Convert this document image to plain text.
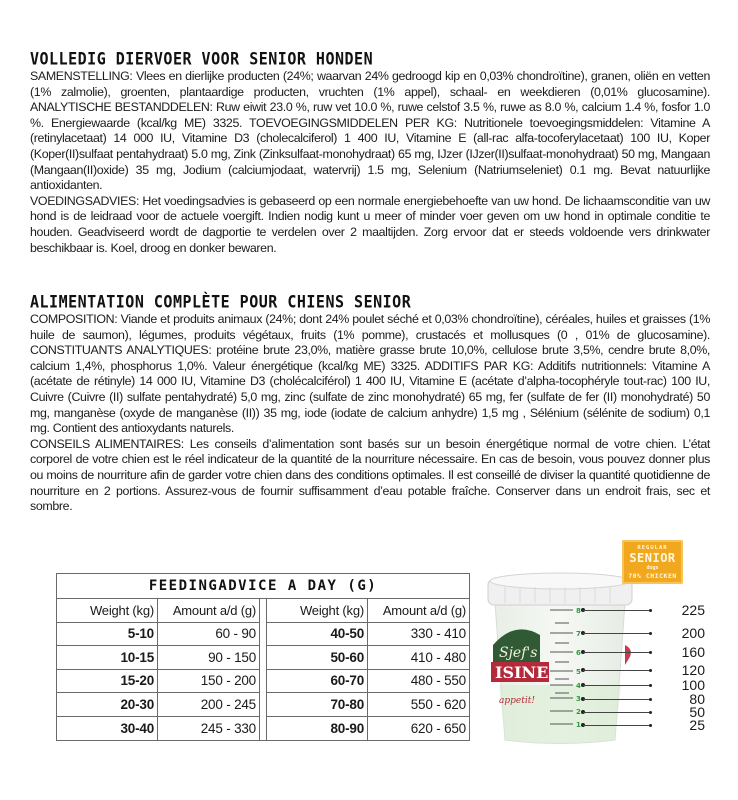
VOLLEDIG DIERVOER VOOR SENIOR HONDEN

SAMENSTELLING: Vlees en dierlijke producten (24%; waarvan 24% gedroogd kip en 0,03% chondroïtine), granen, oliën en vetten (1% zalmolie), groenten, plantaardige producten, vruchten (1% appel), schaal- en weekdieren (0,01% glucosamine). ANALYTISCHE BESTANDDELEN: Ruw eiwit 23.0 %, ruw vet 10.0 %, ruwe celstof 3.5 %, ruwe as 8.0 %, calcium 1.4 %, fosfor 1.0 %. Energiewaarde (kcal/kg ME) 3325. TOEVOEGINGSMIDDELEN PER KG: Nutritionele toevoegingsmiddelen: Vitamine A (retinylacetaat) 14 000 IU, Vitamine D3 (cholecalciferol) 1 400 IU, Vitamine E (all-rac alfa-tocoferylacetaat) 100 IU, Koper (Koper(II)sulfaat pentahydraat) 5.0 mg, Zink (Zinksulfaat-monohydraat) 65 mg, IJzer (IJzer(II)sulfaat-monohydraat) 50 mg, Mangaan (Mangaan(II)oxide) 35 mg, Jodium (calciumjodaat, watervrij) 1.5 mg, Selenium (Natriumseleniet) 0.1 mg. Bevat natuurlijke antioxidanten.

VOEDINGSADVIES: Het voedingsadvies is gebaseerd op een normale energiebehoefte van uw hond. De lichaamsconditie van uw hond is de leidraad voor de actuele voergift. Indien nodig kunt u meer of minder voer geven om uw hond in optimale conditie te houden. Geadviseerd wordt de dagportie te verdelen over 2 maaltijden. Zorg ervoor dat er steeds voldoende vers drinkwater beschikbaar is. Koel, droog en donker bewaren.

ALIMENTATION COMPLÈTE POUR CHIENS SENIOR

COMPOSITION: Viande et produits animaux (24%; dont 24% poulet séché et 0,03% chondroïtine), céréales, huiles et graisses (1% huile de saumon), légumes, produits végétaux, fruits (1% pomme), crustacés et mollusques (0 , 01% de glucosamine). CONSTITUANTS ANALYTIQUES: protéine brute 23,0%, matière grasse brute 10,0%, cellulose brute 3,5%, cendre brute 8,0%, calcium 1,4%, phosphorus 1,0%. Valeur énergétique (kcal/kg ME) 3325. ADDITIFS PAR KG: Additifs nutritionnels: Vitamine A (acétate de rétinyle) 14 000 IU, Vitamine D3 (cholécalciférol) 1 400 IU, Vitamine E (acétate d’alpha-tocophéryle tout-rac) 100 IU, Cuivre (Cuivre (II) sulfate pentahydraté) 5,0 mg, zinc (sulfate de zinc monohydraté) 65 mg, fer (sulfate de fer (II) monohydraté) 50 mg, manganèse (oxyde de manganèse (II)) 35 mg, iode (iodate de calcium anhydre) 1,5 mg , Sélénium (sélénite de sodium) 0,1 mg. Contient des antioxydants naturels.

CONSEILS ALIMENTAIRES: Les conseils d’alimentation sont basés sur un besoin énergétique normal de votre chien. L’état corporel de votre chien est le réel indicateur de la quantité de la nourriture nécessaire. En cas de besoin, vous pouvez donner plus ou moins de nourriture afin de garder votre chien dans des conditions optimales. Il est conseillé de diviser la quantité quotidienne de nourriture en 2 portions. Assurez-vous de fournir suffisamment d’eau potable fraîche. Conserver dans un endroit frais, sec et sombre.

FEEDINGADVICE A DAY (G)
Weight (kg)	Amount a/d (g)
5-10	60 - 90
10-15	90 - 150
15-20	150 - 200
20-30	200 - 245
30-40	245 - 330
Weight (kg)	Amount a/d (g)
40-50	330 - 410
50-60	410 - 480
60-70	480 - 550
70-80	550 - 620
80-90	620 - 650
Sjef's
ISINE
appetit!
8
7
6
5
4
3
2
1
REGULAR
SENIOR
dogs
70% CHICKEN
225
200
160
120
100
80
50
25
